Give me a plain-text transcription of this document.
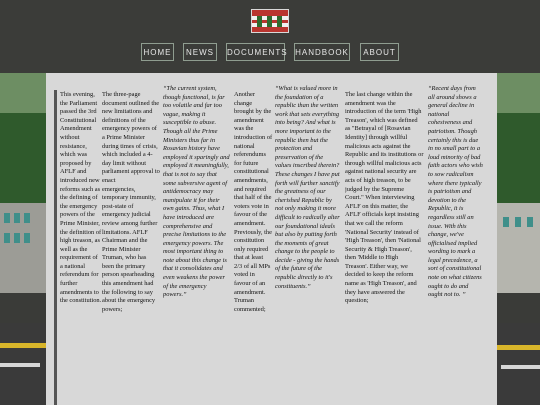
HOME	NEWS	DOCUMENTS HANDBOOK	ABOUT
This evening,
the Parliament
passed the 3rd
Constitutional
Amendment
without
resistance,
which was
proposed by
AFLF and
introduced new
reforms such as
the defining of
the emergency
powers of the
Prime Minister,
the definition of
high treason, as
well as the
requirement of
a national
referendum for
further
amendments to
the constitution.
The three-page
document outlined the
new limitations and
definitions of the
emergency powers of
a Prime Minister
during times of crisis,
which included a 4-
day limit without
parliament approval to
enact
emergencies,
temporary immunity,
post-state of
emergency judicial
review among further
limitations. AFLF
Chairman and the
Prime Minister
Truman, who has
been the primary
person spearheading
this amendment had
the following to say
about the emergency
powers;
“The current system,
though functional, is far
too volatile and far too
vague, making it
susceptible to abuse.
Though all the Prime
Ministers thus far in
Rosavian history have
employed it sparingly and
employed it meaningfully,
that is not to say that
some subversive agent of
antidemocracy may
manipulate it for their
own gains. Thus, what I
have introduced are
comprehensive and
precise limitations to the
emergency powers. The
most important thing to
note about this change is
that it consolidates and
even weakens the power
of the emergency
powers.”
Another
change
brought by the
amendment
was the
introduction of
national
referendums
for future
constitutional
amendments,
and required
that half of the
voters vote in
favour of the
amendment.
Previously, the
constitution
only required
that at least
2/3 of all MPs
voted in
favour of an
amendment.
Truman
commented;
“What is valued more in
the foundation of a
republic than the written
work that sets everything
into being? And what is
more important to the
republic then but the
protection and
preservation of the
values inscribed therein?
These changes I have put
forth will further sanctify
the greatness of our
cherished Republic by
not only making it more
difficult to radically alter
our foundational ideals
but also by putting forth
the moments of great
change to the people to
decide - giving the hands
of the future of the
republic directly to it's
constituents.”
The last change within the
amendment was the
introduction of the term 'High
Treason', which was defined
as "Betrayal of [Rosavian
Identity] through willful
malicious acts against the
Republic and its institutions or
through willful malicious acts
against national security are
acts of high treason, to be
judged by the Supreme
Court." When interviewing
AFLF on this matter, the
AFLF officials kept insisting
that we call the reform
'National Security' instead of
'High Treason', then 'National
Security & High Treason',
then 'Middle to High
Treason'. Either way, we
decided to keep the reform
name as 'High Treason', and
they have answered the
question;
“Recent days from
all around shows a
general decline in
national
cohesiveness and
patriotism. Though
certainly this is due
in no small part to a
loud minority of bad
faith actors who wish
to sow radicalism
where there typically
is patriotism and
devotion to the
Republic, it is
regardless still an
issue. With this
change, we've
officialised implied
wording to mark a
legal precedence, a
sort of constitutional
note on what citizens
ought to do and
ought not to. ”
